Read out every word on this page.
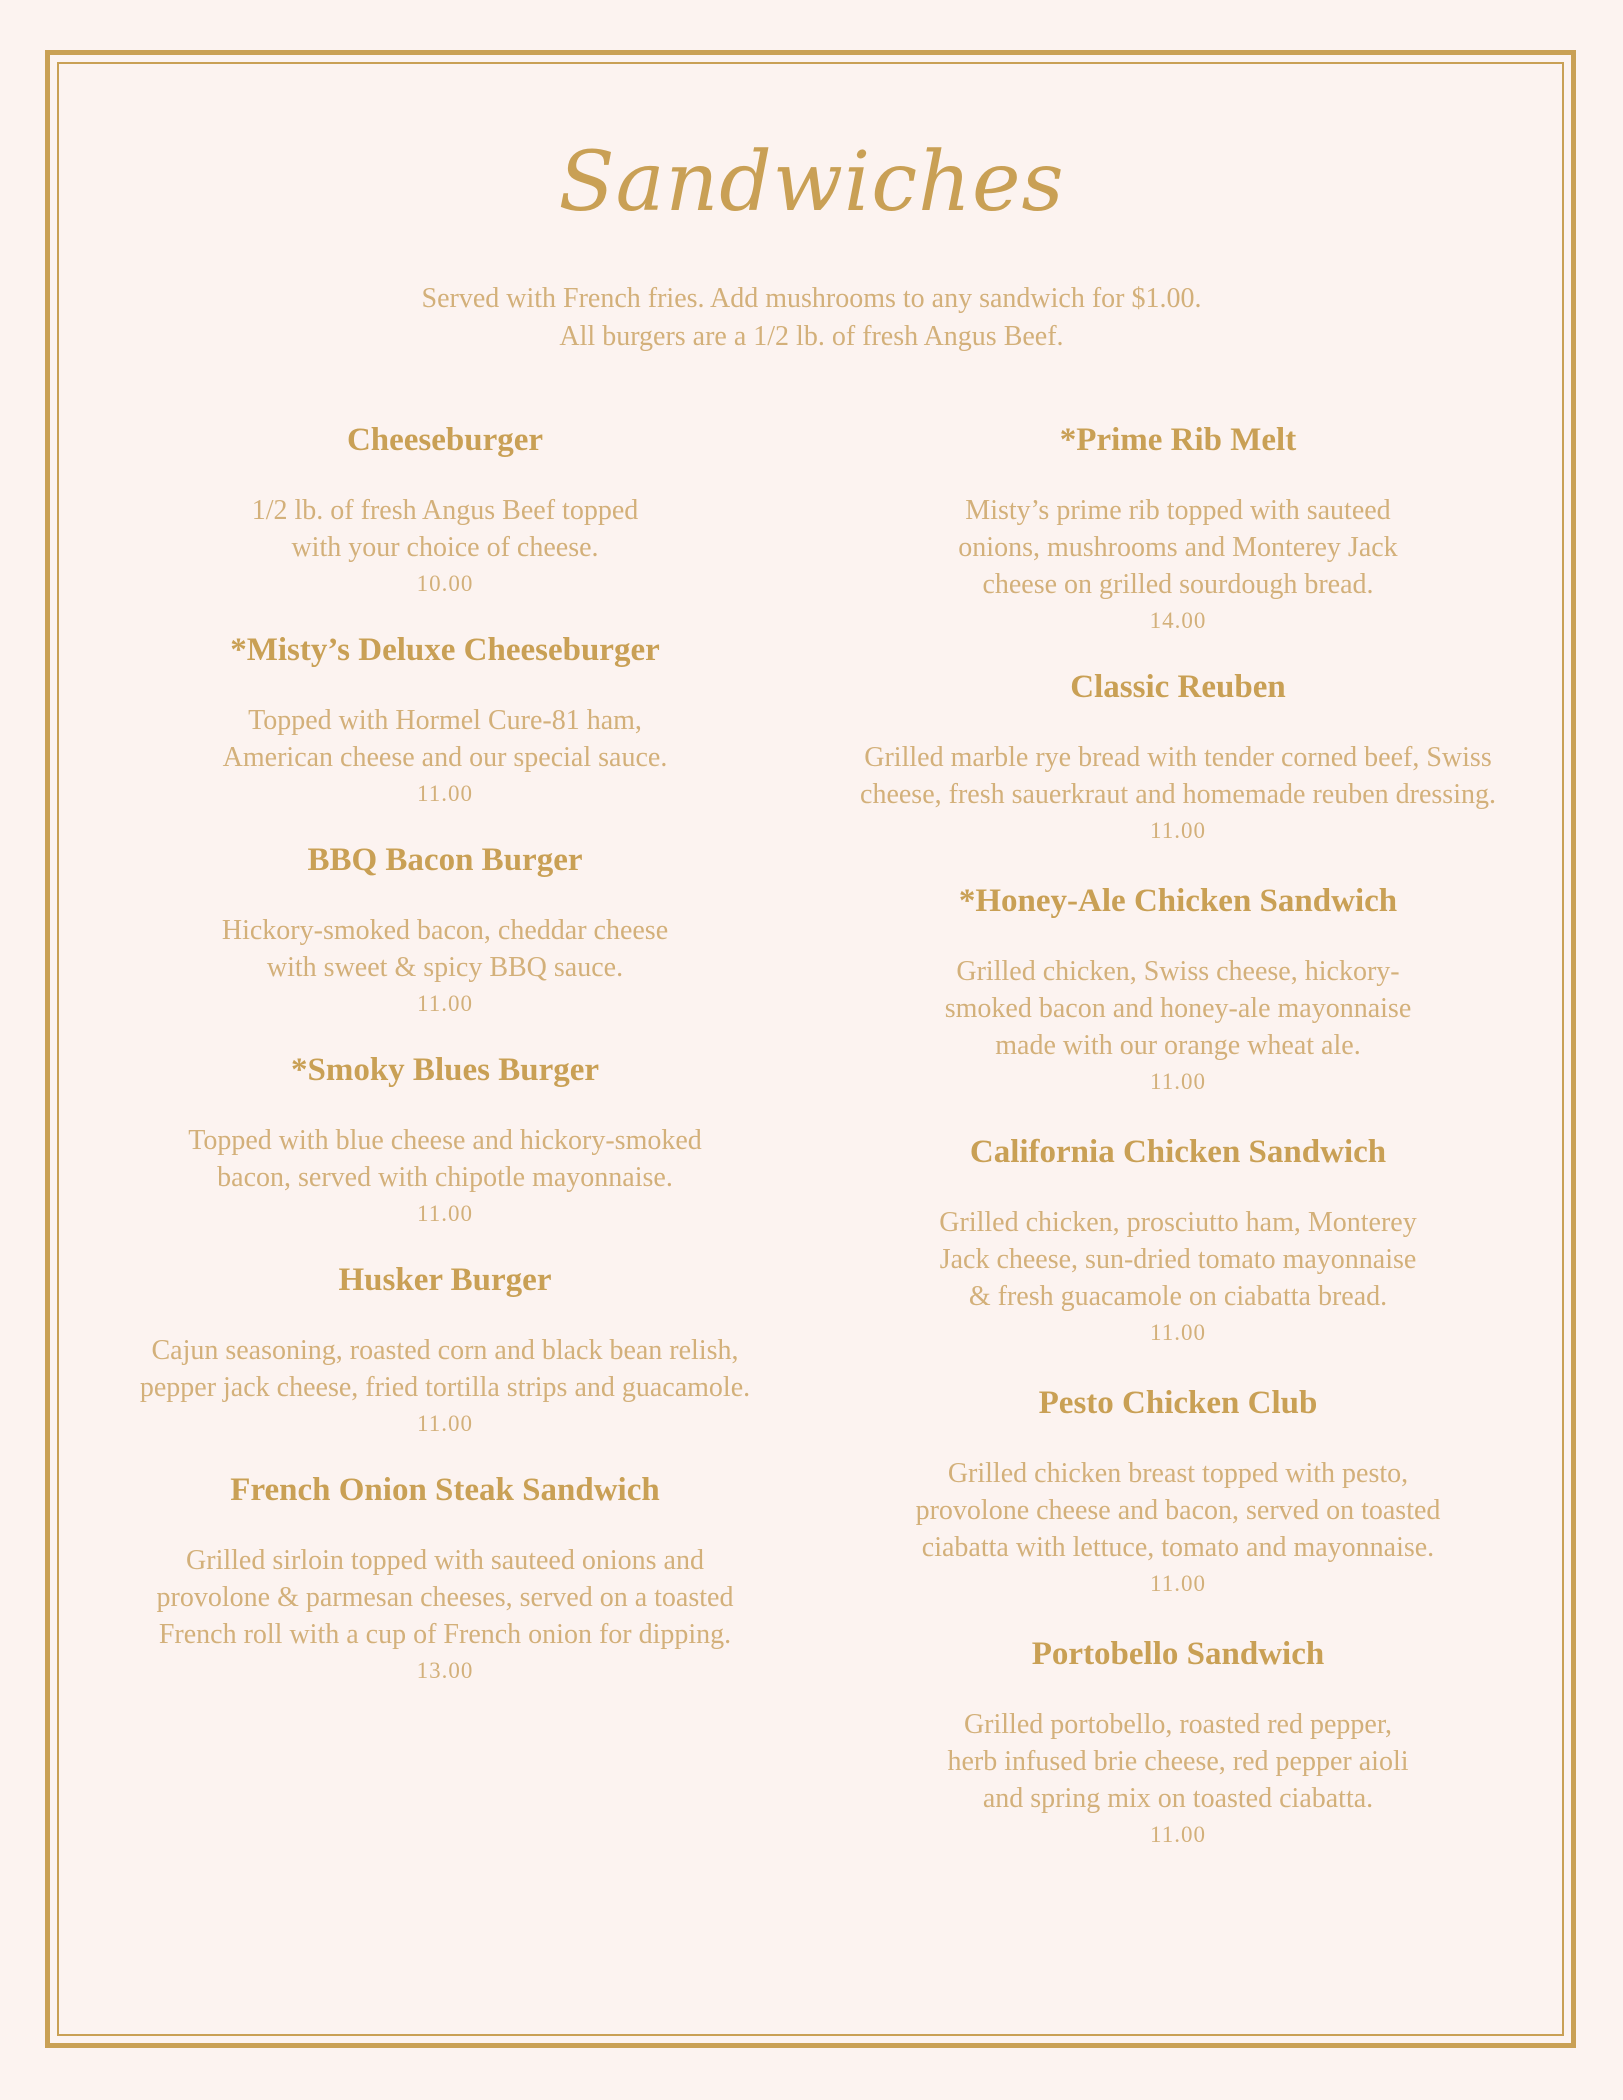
Sandwiches
Served with French fries. Add mushrooms to any sandwich for $1.00.
All burgers are a 1/2 lb. of fresh Angus Beef.
Cheeseburger
1/2 lb. of fresh Angus Beef topped
with your choice of cheese.
10.00
*Misty’s Deluxe Cheeseburger
Topped with Hormel Cure-81 ham,
American cheese and our special sauce.
11.00
BBQ Bacon Burger
Hickory-smoked bacon, cheddar cheese
with sweet & spicy BBQ sauce.
11.00
*Smoky Blues Burger
Topped with blue cheese and hickory-smoked
bacon, served with chipotle mayonnaise.
11.00
Husker Burger
Cajun seasoning, roasted corn and black bean relish,
pepper jack cheese, fried tortilla strips and guacamole.
11.00
French Onion Steak Sandwich
Grilled sirloin topped with sauteed onions and
provolone & parmesan cheeses, served on a toasted
French roll with a cup of French onion for dipping.
13.00
*Prime Rib Melt
Misty’s prime rib topped with sauteed
onions, mushrooms and Monterey Jack
cheese on grilled sourdough bread.
14.00
Classic Reuben
Grilled marble rye bread with tender corned beef, Swiss
cheese, fresh sauerkraut and homemade reuben dressing.
11.00
*Honey-Ale Chicken Sandwich
Grilled chicken, Swiss cheese, hickory-
smoked bacon and honey-ale mayonnaise
made with our orange wheat ale.
11.00
California Chicken Sandwich
Grilled chicken, prosciutto ham, Monterey
Jack cheese, sun-dried tomato mayonnaise
& fresh guacamole on ciabatta bread.
11.00
Pesto Chicken Club
Grilled chicken breast topped with pesto,
provolone cheese and bacon, served on toasted
ciabatta with lettuce, tomato and mayonnaise.
11.00
Portobello Sandwich
Grilled portobello, roasted red pepper,
herb infused brie cheese, red pepper aioli
and spring mix on toasted ciabatta.
11.00
